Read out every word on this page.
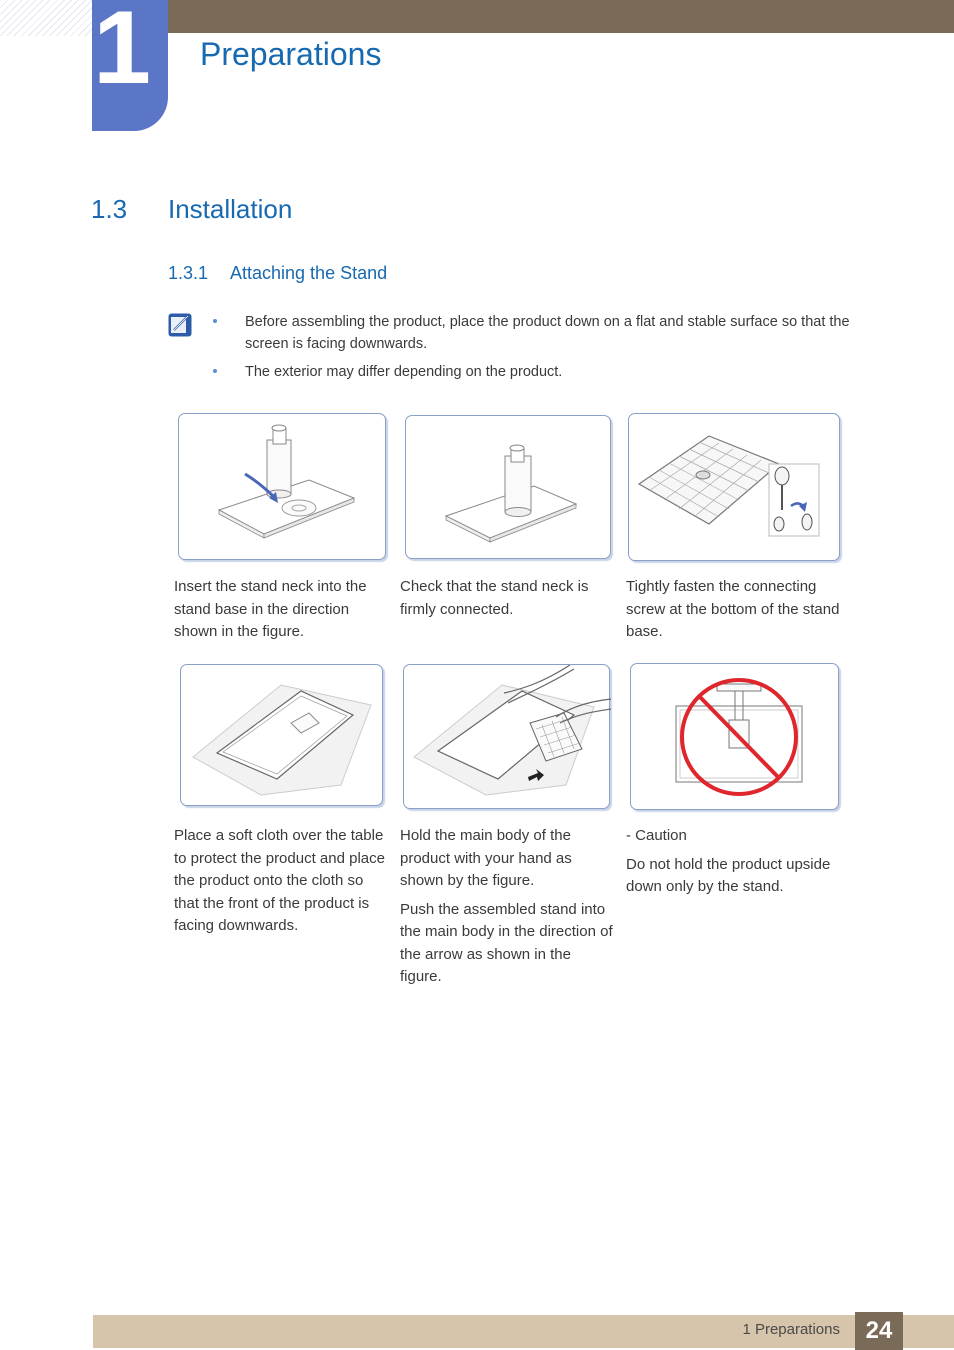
1 Preparations
1.3 Installation
1.3.1 Attaching the Stand
Before assembling the product, place the product down on a flat and stable surface so that the screen is facing downwards.
The exterior may differ depending on the product.

Insert the stand neck into the stand base in the direction shown in the figure.

Check that the stand neck is firmly connected.

Tightly fasten the connecting screw at the bottom of the stand base.

Place a soft cloth over the table to protect the product and place the product onto the cloth so that the front of the product is facing downwards.

Hold the main body of the product with your hand as shown by the figure.

Push the assembled stand into the main body in the direction of the arrow as shown in the figure.

- Caution

Do not hold the product upside down only by the stand.

1 Preparations	24
